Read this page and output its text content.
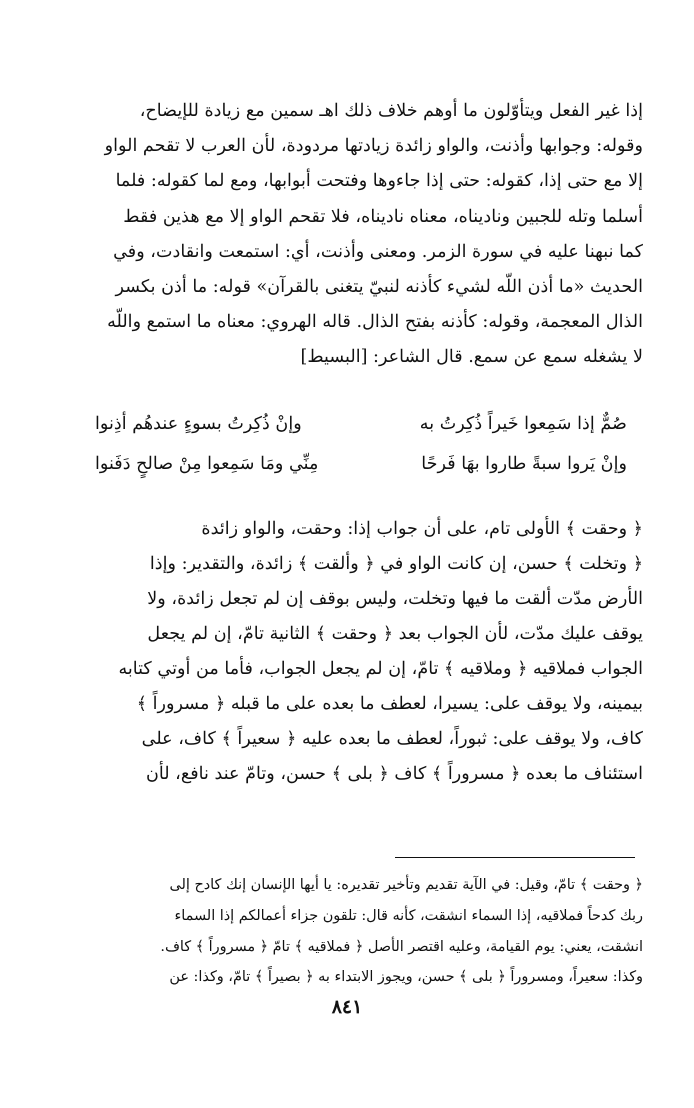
إذا غير الفعل ويتأوّلون ما أوهم خلاف ذلك اهـ سمين مع زيادة للإيضاح،
وقوله: وجوابها وأذنت، والواو زائدة زيادتها مردودة، لأن العرب لا تقحم الواو
إلا مع حتى إذا، كقوله: حتى إذا جاءوها وفتحت أبوابها، ومع لما كقوله: فلما
أسلما وتله للجبين وناديناه، معناه ناديناه، فلا تقحم الواو إلا مع هذين فقط
كما نبهنا عليه في سورة الزمر. ومعنى وأذنت، أي: استمعت وانقادت، وفي
الحديث «ما أذن اللّه لشيء كأذنه لنبيّ يتغنى بالقرآن» قوله: ما أذن بكسر
الذال المعجمة، وقوله: كأذنه بفتح الذال. قاله الهروي: معناه ما استمع واللّه
لا يشغله سمع عن سمع. قال الشاعر: [البسيط]
صُمٌّ إذا سَمِعوا خَيراً ذُكِرتُ به
وإنْ ذُكِرتُ بسوءٍ عندهُم أذِنوا
وإنْ يَروا سبةً طاروا بهَا فَرحًا
مِنِّي ومَا سَمِعوا مِنْ صالحٍ دَفَنوا
﴿ وحقت ﴾ الأولى تام، على أن جواب إذا: وحقت، والواو زائدة
﴿ وتخلت ﴾ حسن، إن كانت الواو في ﴿ وألقت ﴾ زائدة، والتقدير: وإذا
الأرض مدّت ألقت ما فيها وتخلت، وليس بوقف إن لم تجعل زائدة، ولا
يوقف عليك مدّت، لأن الجواب بعد ﴿ وحقت ﴾ الثانية تامّ، إن لم يجعل
الجواب فملاقيه ﴿ وملاقيه ﴾ تامّ، إن لم يجعل الجواب، فأما من أوتي كتابه
بيمينه، ولا يوقف على: يسيرا، لعطف ما بعده على ما قبله ﴿ مسروراً ﴾
كاف، ولا يوقف على: ثبوراً، لعطف ما بعده عليه ﴿ سعيراً ﴾ كاف، على
استئناف ما بعده ﴿ مسروراً ﴾ كاف ﴿ بلى ﴾ حسن، وتامّ عند نافع، لأن
﴿ وحقت ﴾ تامّ، وقيل: في الآية تقديم وتأخير تقديره: يا أيها الإنسان إنك كادح إلى
ربك كدحاً فملاقيه، إذا السماء انشقت، كأنه قال: تلقون جزاء أعمالكم إذا السماء
انشقت، يعني: يوم القيامة، وعليه اقتصر الأصل ﴿ فملاقيه ﴾ تامّ ﴿ مسروراً ﴾ كاف.
وكذا: سعيراً، ومسروراً ﴿ بلى ﴾ حسن، ويجوز الابتداء به ﴿ بصيراً ﴾ تامّ، وكذا: عن
٨٤١
